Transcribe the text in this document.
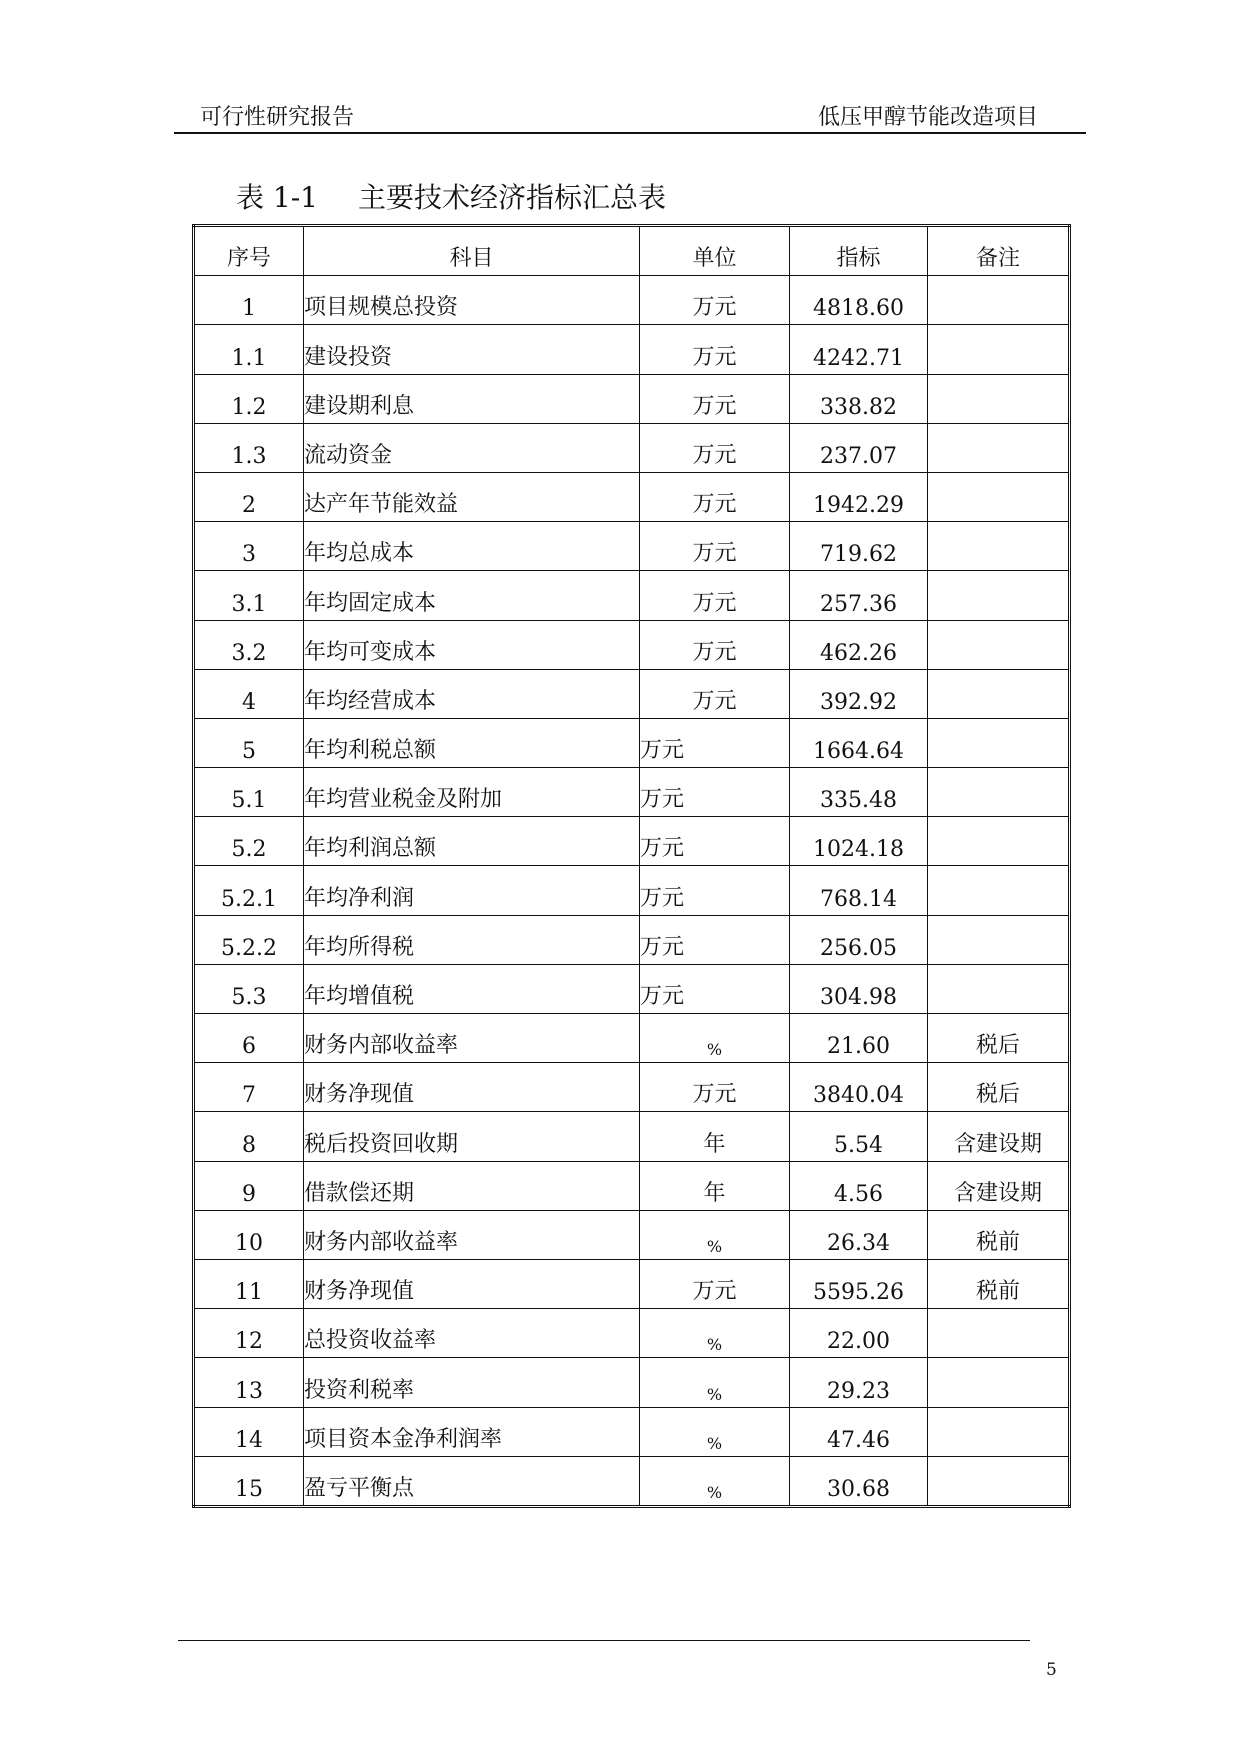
可行性研究报告	低压甲醇节能改造项目
表 1-1 主要技术经济指标汇总表
序号	科目	单位	指标	备注
1	项目规模总投资	万元	4818.60	
1.1	建设投资	万元	4242.71	
1.2	建设期利息	万元	338.82	
1.3	流动资金	万元	237.07	
2	达产年节能效益	万元	1942.29	
3	年均总成本	万元	719.62	
3.1	年均固定成本	万元	257.36	
3.2	年均可变成本	万元	462.26	
4	年均经营成本	万元	392.92	
5	年均利税总额	万元	1664.64	
5.1	年均营业税金及附加	万元	335.48	
5.2	年均利润总额	万元	1024.18	
5.2.1	年均净利润	万元	768.14	
5.2.2	年均所得税	万元	256.05	
5.3	年均增值税	万元	304.98	
6	财务内部收益率	%	21.60	税后
7	财务净现值	万元	3840.04	税后
8	税后投资回收期	年	5.54	含建设期
9	借款偿还期	年	4.56	含建设期
10	财务内部收益率	%	26.34	税前
11	财务净现值	万元	5595.26	税前
12	总投资收益率	%	22.00	
13	投资利税率	%	29.23	
14	项目资本金净利润率	%	47.46	
15	盈亏平衡点	%	30.68	
5
